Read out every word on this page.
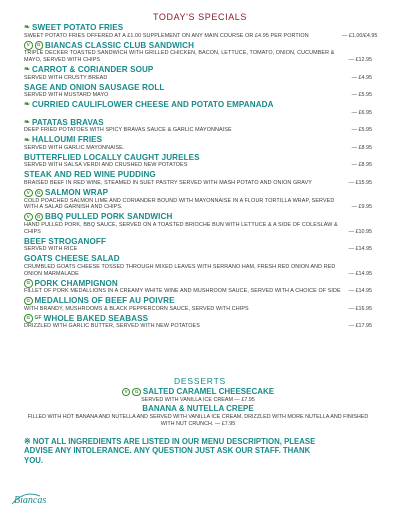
TODAY'S SPECIALS
❧ SWEET POTATO FRIES
SWEET POTATO FRIES OFFERED AT A £1.00 SUPPLEMENT ON ANY MAIN COURSE OR £4.95 PER PORTION	— £1.00/£4.95
V G BIANCAS CLASSIC CLUB SANDWICH
TRIPLE DECKER TOASTED SANDWICH WITH GRILLED CHICKEN, BACON, LETTUCE, TOMATO, ONION, CUCUMBER & MAYO, SERVED WITH CHIPS	— £12.95
❧ CARROT & CORIANDER SOUP
SERVED WITH CRUSTY BREAD	— £4.95
SAGE AND ONION SAUSAGE ROLL
SERVED WITH MUSTARD MAYO	— £5.95
❧ CURRIED CAULIFLOWER CHEESE AND POTATO EMPANADA
— £6.95
❧ PATATAS BRAVAS
DEEP FRIED POTATOES WITH SPICY BRAVAS SAUCE & GARLIC MAYONNAISE	— £5.95
❧ HALLOUMI FRIES
SERVED WITH GARLIC MAYONNAISE.	— £8.95
BUTTERFLIED LOCALLY CAUGHT JURELES
SERVED WITH SALSA VERDI AND CRUSHED NEW POTATOES	— £8.95
STEAK AND RED WINE PUDDING
BRAISED BEEF IN RED WINE, STEAMED IN SUET PASTRY SERVED WITH MASH POTATO AND ONION GRAVY	— £15.95
V G SALMON WRAP
COLD POACHED SALMON LIME AND CORIANDER BOUND WITH MAYONNAISE IN A FLOUR TORTILLA WRAP, SERVED WITH A SALAD GARNISH AND CHIPS.	— £9.95
V G BBQ PULLED PORK SANDWICH
HAND PULLED PORK, BBQ SAUCE, SERVED ON A TOASTED BRIOCHE BUN WITH LETTUCE & A SIDE OF COLESLAW & CHIPS	— £10.95
BEEF STROGANOFF
SERVED WITH RICE	— £14.95
GOATS CHEESE SALAD
CRUMBLED GOATS CHEESE TOSSED THROUGH MIXED LEAVES WITH SERRANO HAM, FRESH RED ONION AND RED ONION MARMALADE	— £14.95
G PORK CHAMPIGNON
FILLET OF PORK MEDALLIONS IN A CREAMY WHITE WINE AND MUSHROOM SAUCE, SERVED WITH A CHOICE OF SIDE	— £14.95
G MEDALLIONS OF BEEF AU POIVRE
WITH BRANDY, MUSHROOMS & BLACK PEPPERCORN SAUCE, SERVED WITH CHIPS	— £16.95
G GF WHOLE BAKED SEABASS
DRIZZLED WITH GARLIC BUTTER, SERVED WITH NEW POTATOES	— £17.95
DESSERTS
V G SALTED CARAMEL CHEESECAKE
SERVED WITH VANILLA ICE CREAM — £7.95
BANANA & NUTELLA CREPE
FILLED WITH HOT BANANA AND NUTELLA AND SERVED WITH VANILLA ICE CREAM, DRIZZLED WITH MORE NUTELLA AND FINISHED WITH NUT CRUNCH. — £7.95
※ NOT ALL INGREDIENTS ARE LISTED IN OUR MENU DESCRIPTION, PLEASE ADVISE ANY INTOLERANCE. ANY QUESTION JUST ASK OUR STAFF. THANK YOU.
Biancas
